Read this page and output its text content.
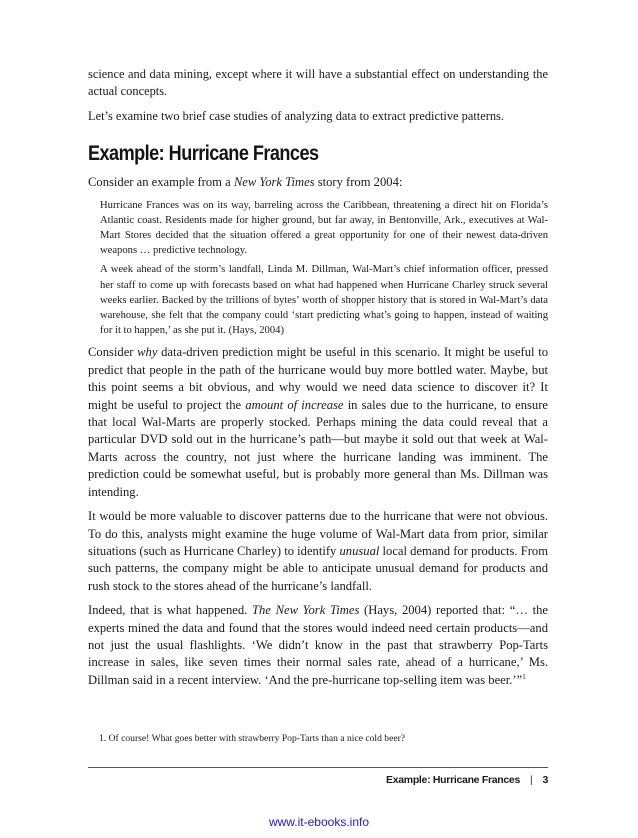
science and data mining, except where it will have a substantial effect on understanding the actual concepts.

Let’s examine two brief case studies of analyzing data to extract predictive patterns.

Example: Hurricane Frances

Consider an example from a New York Times story from 2004:

Hurricane Frances was on its way, barreling across the Caribbean, threatening a direct hit on Florida’s Atlantic coast. Residents made for higher ground, but far away, in Bentonville, Ark., executives at Wal-Mart Stores decided that the situation offered a great opportunity for one of their newest data-driven weapons … predictive technology.

A week ahead of the storm’s landfall, Linda M. Dillman, Wal-Mart’s chief information officer, pressed her staff to come up with forecasts based on what had happened when Hurricane Charley struck several weeks earlier. Backed by the trillions of bytes’ worth of shopper history that is stored in Wal-Mart’s data warehouse, she felt that the company could ‘start predicting what’s going to happen, instead of waiting for it to happen,’ as she put it. (Hays, 2004)

Consider why data-driven prediction might be useful in this scenario. It might be useful to predict that people in the path of the hurricane would buy more bottled water. Maybe, but this point seems a bit obvious, and why would we need data science to discover it? It might be useful to project the amount of increase in sales due to the hurricane, to ensure that local Wal-Marts are properly stocked. Perhaps mining the data could reveal that a particular DVD sold out in the hurricane’s path—but maybe it sold out that week at Wal-Marts across the country, not just where the hurricane landing was imminent. The prediction could be somewhat useful, but is probably more general than Ms. Dillman was intending.

It would be more valuable to discover patterns due to the hurricane that were not obvious. To do this, analysts might examine the huge volume of Wal-Mart data from prior, similar situations (such as Hurricane Charley) to identify unusual local demand for products. From such patterns, the company might be able to anticipate unusual demand for products and rush stock to the stores ahead of the hurricane’s landfall.

Indeed, that is what happened. The New York Times (Hays, 2004) reported that: “… the experts mined the data and found that the stores would indeed need certain products—and not just the usual flashlights. ‘We didn’t know in the past that strawberry Pop-Tarts increase in sales, like seven times their normal sales rate, ahead of a hurricane,’ Ms. Dillman said in a recent interview. ‘And the pre-hurricane top-selling item was beer.’”$^1$

1. Of course! What goes better with strawberry Pop-Tarts than a nice cold beer?

Example: Hurricane Frances | 3
www.it-ebooks.info
